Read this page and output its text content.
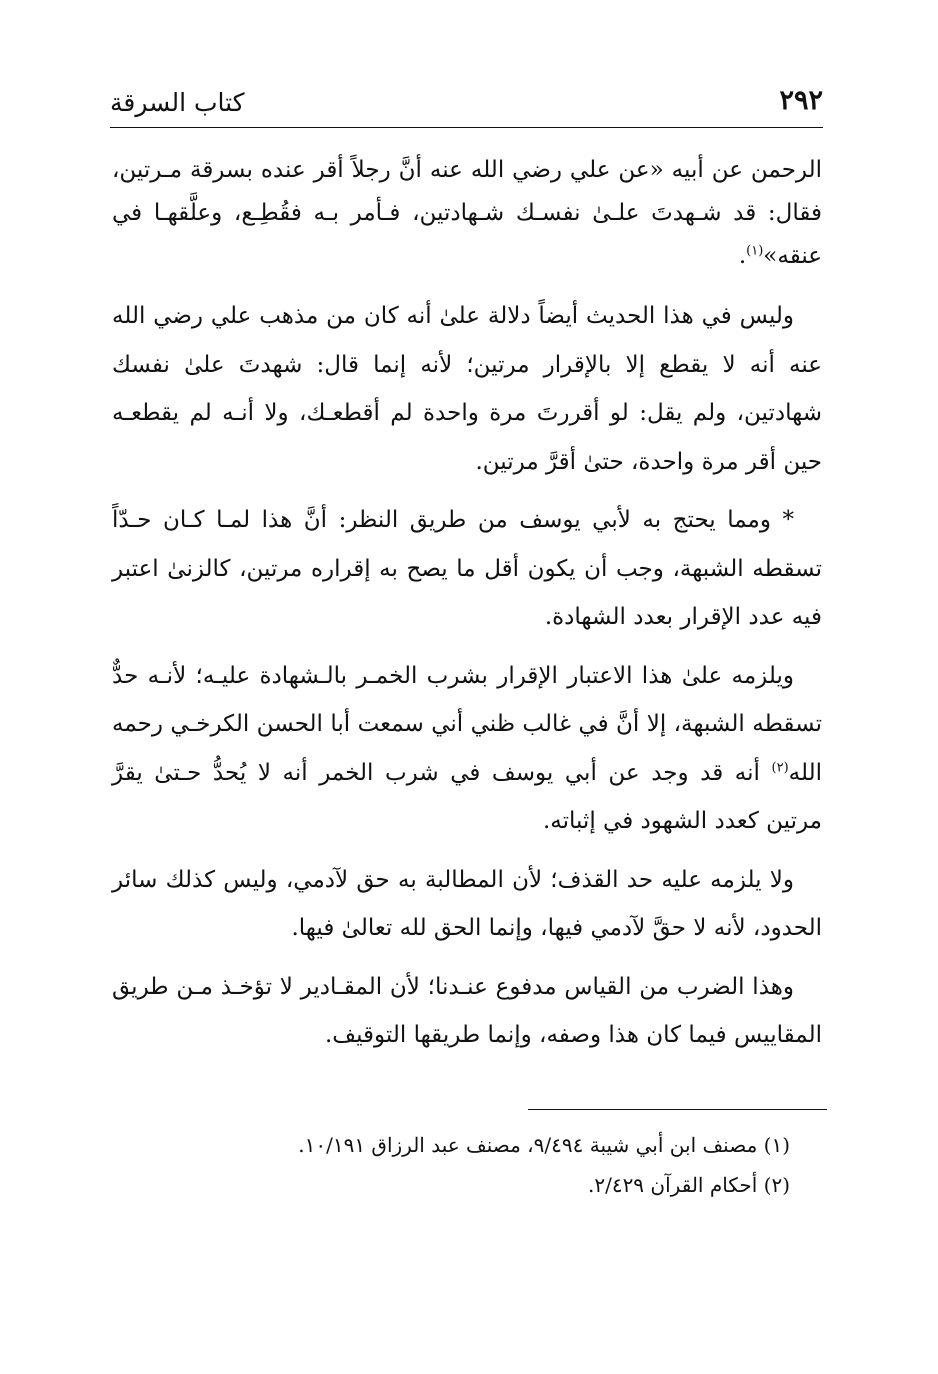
٢٩٢
كتاب السرقة

الرحمن عن أبيه «عن علي رضي الله عنه أنَّ رجلاً أقر عنده بسرقة مـرتين، فقال: قد شـهدتَ علـىٰ نفسـك شـهادتين، فـأمر بـه فقُطِـع، وعلَّقهـا في عنقه»$^{(١)}$.

وليس في هذا الحديث أيضاً دلالة علىٰ أنه كان من مذهب علي رضي الله عنه أنه لا يقطع إلا بالإقرار مرتين؛ لأنه إنما قال: شهدتَ علىٰ نفسك شهادتين، ولم يقل: لو أقررتَ مرة واحدة لم أقطعـك، ولا أنـه لم يقطعـه حين أقر مرة واحدة، حتىٰ أقرَّ مرتين.

* ومما يحتج به لأبي يوسف من طريق النظر: أنَّ هذا لمـا كـان حـدّاً تسقطه الشبهة، وجب أن يكون أقل ما يصح به إقراره مرتين، كالزنىٰ اعتبر فيه عدد الإقرار بعدد الشهادة.

ويلزمه علىٰ هذا الاعتبار الإقرار بشرب الخمـر بالـشهادة عليـه؛ لأنـه حدٌّ تسقطه الشبهة، إلا أنَّ في غالب ظني أني سمعت أبا الحسن الكرخـي رحمه الله$^{(٢)}$ أنه قد وجد عن أبي يوسف في شرب الخمر أنه لا يُحدُّ حـتىٰ يقرَّ مرتين كعدد الشهود في إثباته.

ولا يلزمه عليه حد القذف؛ لأن المطالبة به حق لآدمي، وليس كذلك سائر الحدود، لأنه لا حقَّ لآدمي فيها، وإنما الحق لله تعالىٰ فيها.

وهذا الضرب من القياس مدفوع عنـدنا؛ لأن المقـادير لا تؤخـذ مـن طريق المقاييس فيما كان هذا وصفه، وإنما طريقها التوقيف.

(١) مصنف ابن أبي شيبة ٩/٤٩٤، مصنف عبد الرزاق ١٠/١٩١.

(٢) أحكام القرآن ٢/٤٢٩.
